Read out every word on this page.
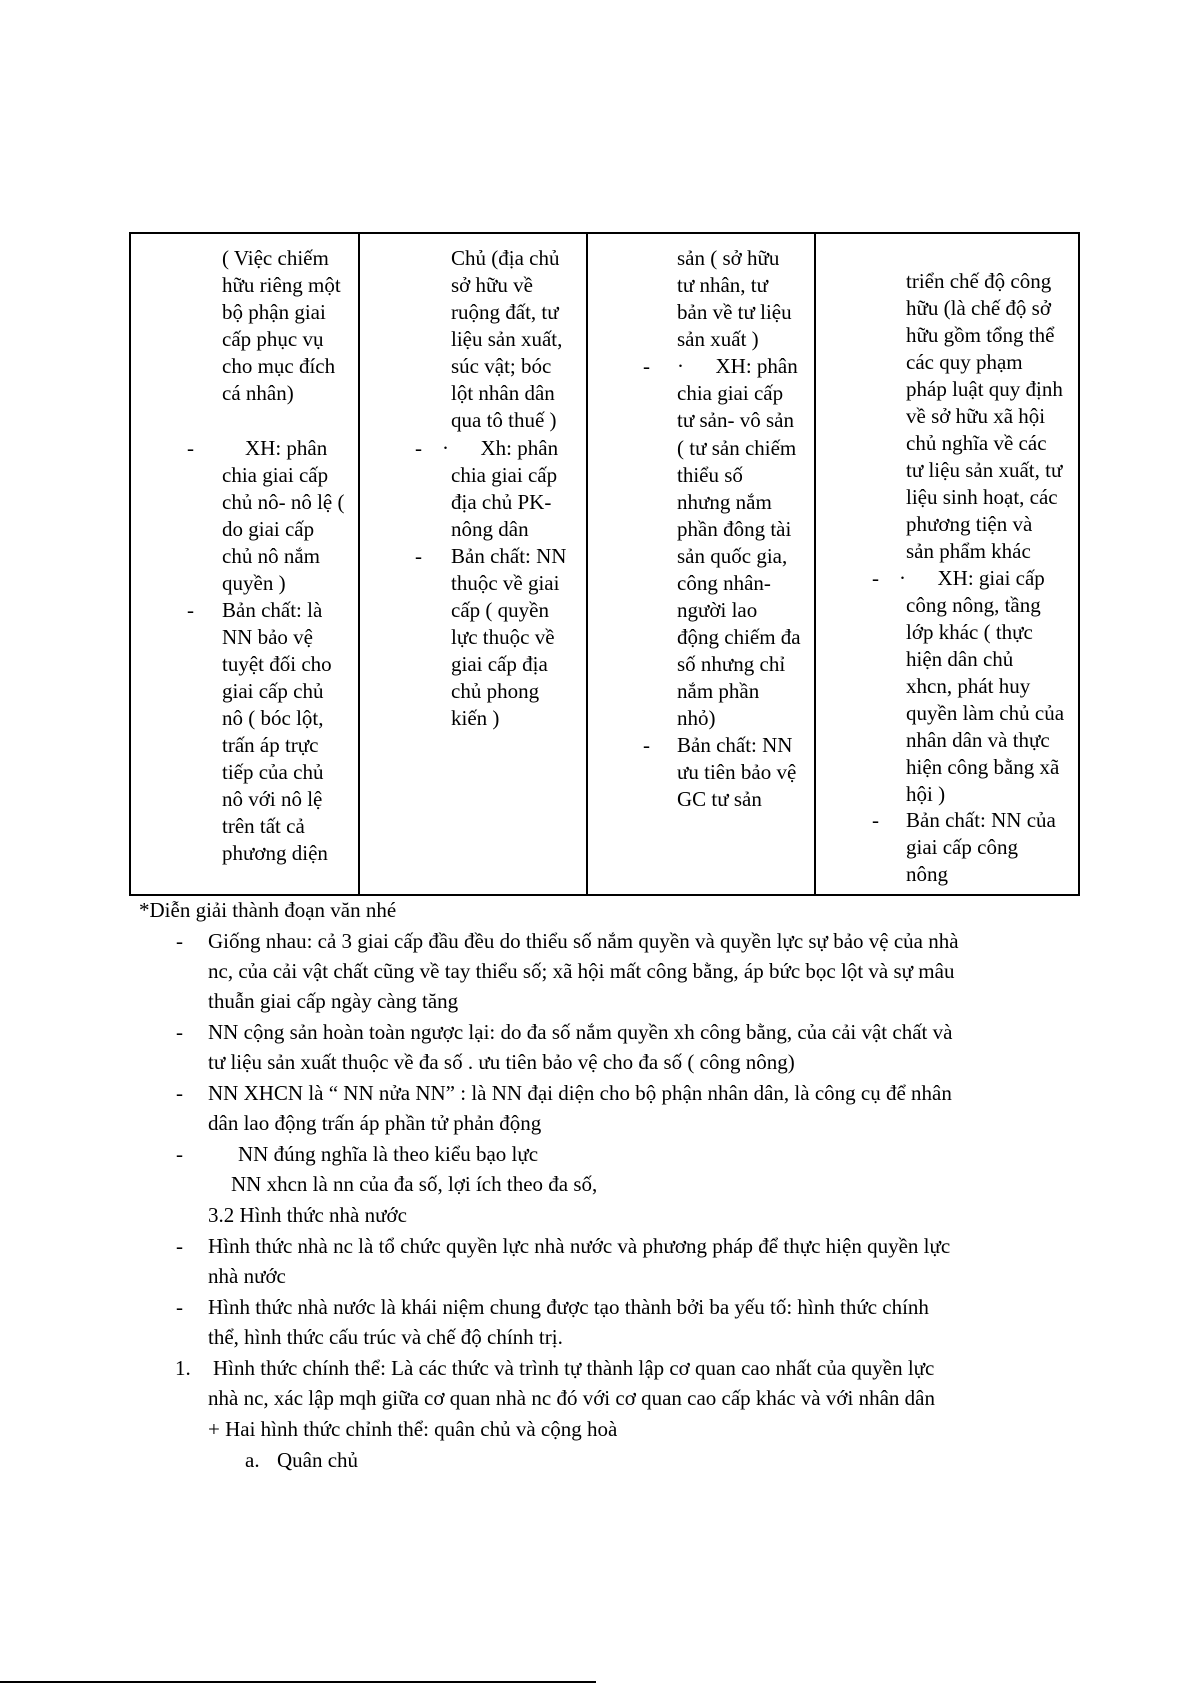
-
-
( Việc chiếm
hữu riêng một
bộ phận giai
cấp phục vụ
cho mục đích
cá nhân)
XH: phân
chia giai cấp
chủ nô- nô lệ (
do giai cấp
chủ nô nắm
quyền )
Bản chất: là
NN bảo vệ
tuyệt đối cho
giai cấp chủ
nô ( bóc lột,
trấn áp trực
tiếp của chủ
nô với nô lệ
trên tất cả
phương diện
-
-
Chủ (địa chủ
sở hữu về
ruộng đất, tư
liệu sản xuất,
súc vật; bóc
lột nhân dân
qua tô thuế )
·      Xh: phân
chia giai cấp
địa chủ PK-
nông dân
Bản chất: NN
thuộc về giai
cấp ( quyền
lực thuộc về
giai cấp địa
chủ phong
kiến )
-
-
sản ( sở hữu
tư nhân, tư
bản về tư liệu
sản xuất )
·      XH: phân
chia giai cấp
tư sản- vô sản
( tư sản chiếm
thiểu số
nhưng nắm
phần đông tài
sản quốc gia,
công nhân-
người lao
động chiếm đa
số nhưng chỉ
nắm phần
nhỏ)
Bản chất: NN
ưu tiên bảo vệ
GC tư sản
-
-
triển chế độ công
hữu (là chế độ sở
hữu gồm tổng thể
các quy phạm
pháp luật quy định
về sở hữu xã hội
chủ nghĩa về các
tư liệu sản xuất, tư
liệu sinh hoạt, các
phương tiện và
sản phẩm khác
·      XH: giai cấp
công nông, tầng
lớp khác ( thực
hiện dân chủ
xhcn, phát huy
quyền làm chủ của
nhân dân và thực
hiện công bằng xã
hội )
Bản chất: NN của
giai cấp công
nông
*Diễn giải thành đoạn văn nhé
- Giống nhau: cả 3 giai cấp đầu đều do thiểu số nắm quyền và quyền lực sự bảo vệ của nhà
nc, của cải vật chất cũng về tay thiểu số; xã hội mất công bằng, áp bức bọc lột và sự mâu
thuẫn giai cấp ngày càng tăng
- NN cộng sản hoàn toàn ngược lại: do đa số nắm quyền xh công bằng, của cải vật chất và
tư liệu sản xuất thuộc về đa số . ưu tiên bảo vệ cho đa số ( công nông)
- NN XHCN là “ NN nửa NN” : là NN đại diện cho bộ phận nhân dân, là công cụ để nhân
dân lao động trấn áp phần tử phản động
-	NN đúng nghĩa là theo kiểu bạo lực
NN xhcn là nn của đa số, lợi ích theo đa số,
3.2 Hình thức nhà nước
- Hình thức nhà nc là tổ chức quyền lực nhà nước và phương pháp để thực hiện quyền lực
nhà nước
- Hình thức nhà nước là khái niệm chung được tạo thành bởi ba yếu tố: hình thức chính
thể, hình thức cấu trúc và chế độ chính trị.
1. Hình thức chính thể: Là các thức và trình tự thành lập cơ quan cao nhất của quyền lực
nhà nc, xác lập mqh giữa cơ quan nhà nc đó với cơ quan cao cấp khác và với nhân dân
+ Hai hình thức chỉnh thể: quân chủ và cộng hoà
a. Quân chủ
